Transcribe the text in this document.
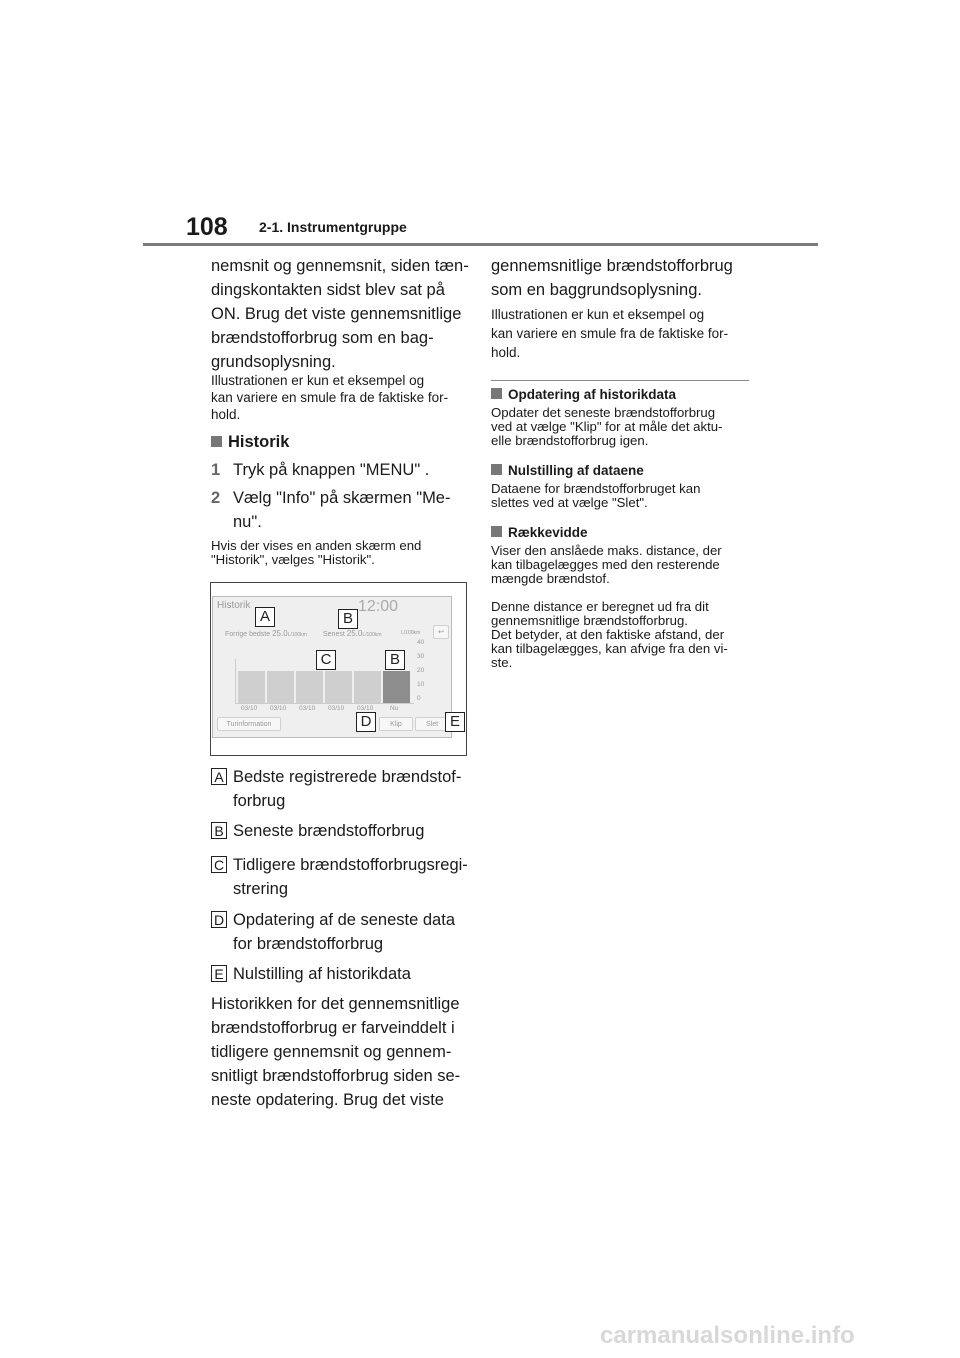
108 2-1. Instrumentgruppe
nemsnit og gennemsnit, siden tæn-
dingskontakten sidst blev sat på
ON. Brug det viste gennemsnitlige
brændstofforbrug som en bag-
grundsoplysning.
Illustrationen er kun et eksempel og
kan variere en smule fra de faktiske for-
hold.
Historik
1 Tryk på knappen "MENU" .
2 Vælg "Info" på skærmen "Me-
nu".
Hvis der vises en anden skærm end
"Historik", vælges "Historik".
Historik	12:00
Forrige bedste 25.0L/100km Senest 25.0L/100km	L/100km	↩
40
30
20
10
0
03/10 03/10 03/10 03/10 03/10	Nu
Turinformation	Klip	Slet
A	B
C	B
D	E
A Bedste registrerede brændstof-
forbrug
B Seneste brændstofforbrug
C Tidligere brændstofforbrugsregi-
strering
D Opdatering af de seneste data
for brændstofforbrug
E Nulstilling af historikdata
Historikken for det gennemsnitlige
brændstofforbrug er farveinddelt i
tidligere gennemsnit og gennem-
snitligt brændstofforbrug siden se-
neste opdatering. Brug det viste
gennemsnitlige brændstofforbrug
som en baggrundsoplysning.
Illustrationen er kun et eksempel og
kan variere en smule fra de faktiske for-
hold.
Opdatering af historikdata
Opdater det seneste brændstofforbrug
ved at vælge "Klip" for at måle det aktu-
elle brændstofforbrug igen.
Nulstilling af dataene
Dataene for brændstofforbruget kan
slettes ved at vælge "Slet".
Rækkevidde
Viser den anslåede maks. distance, der
kan tilbagelægges med den resterende
mængde brændstof.
Denne distance er beregnet ud fra dit
gennemsnitlige brændstofforbrug.
Det betyder, at den faktiske afstand, der
kan tilbagelægges, kan afvige fra den vi-
ste.
carmanualsonline.info
